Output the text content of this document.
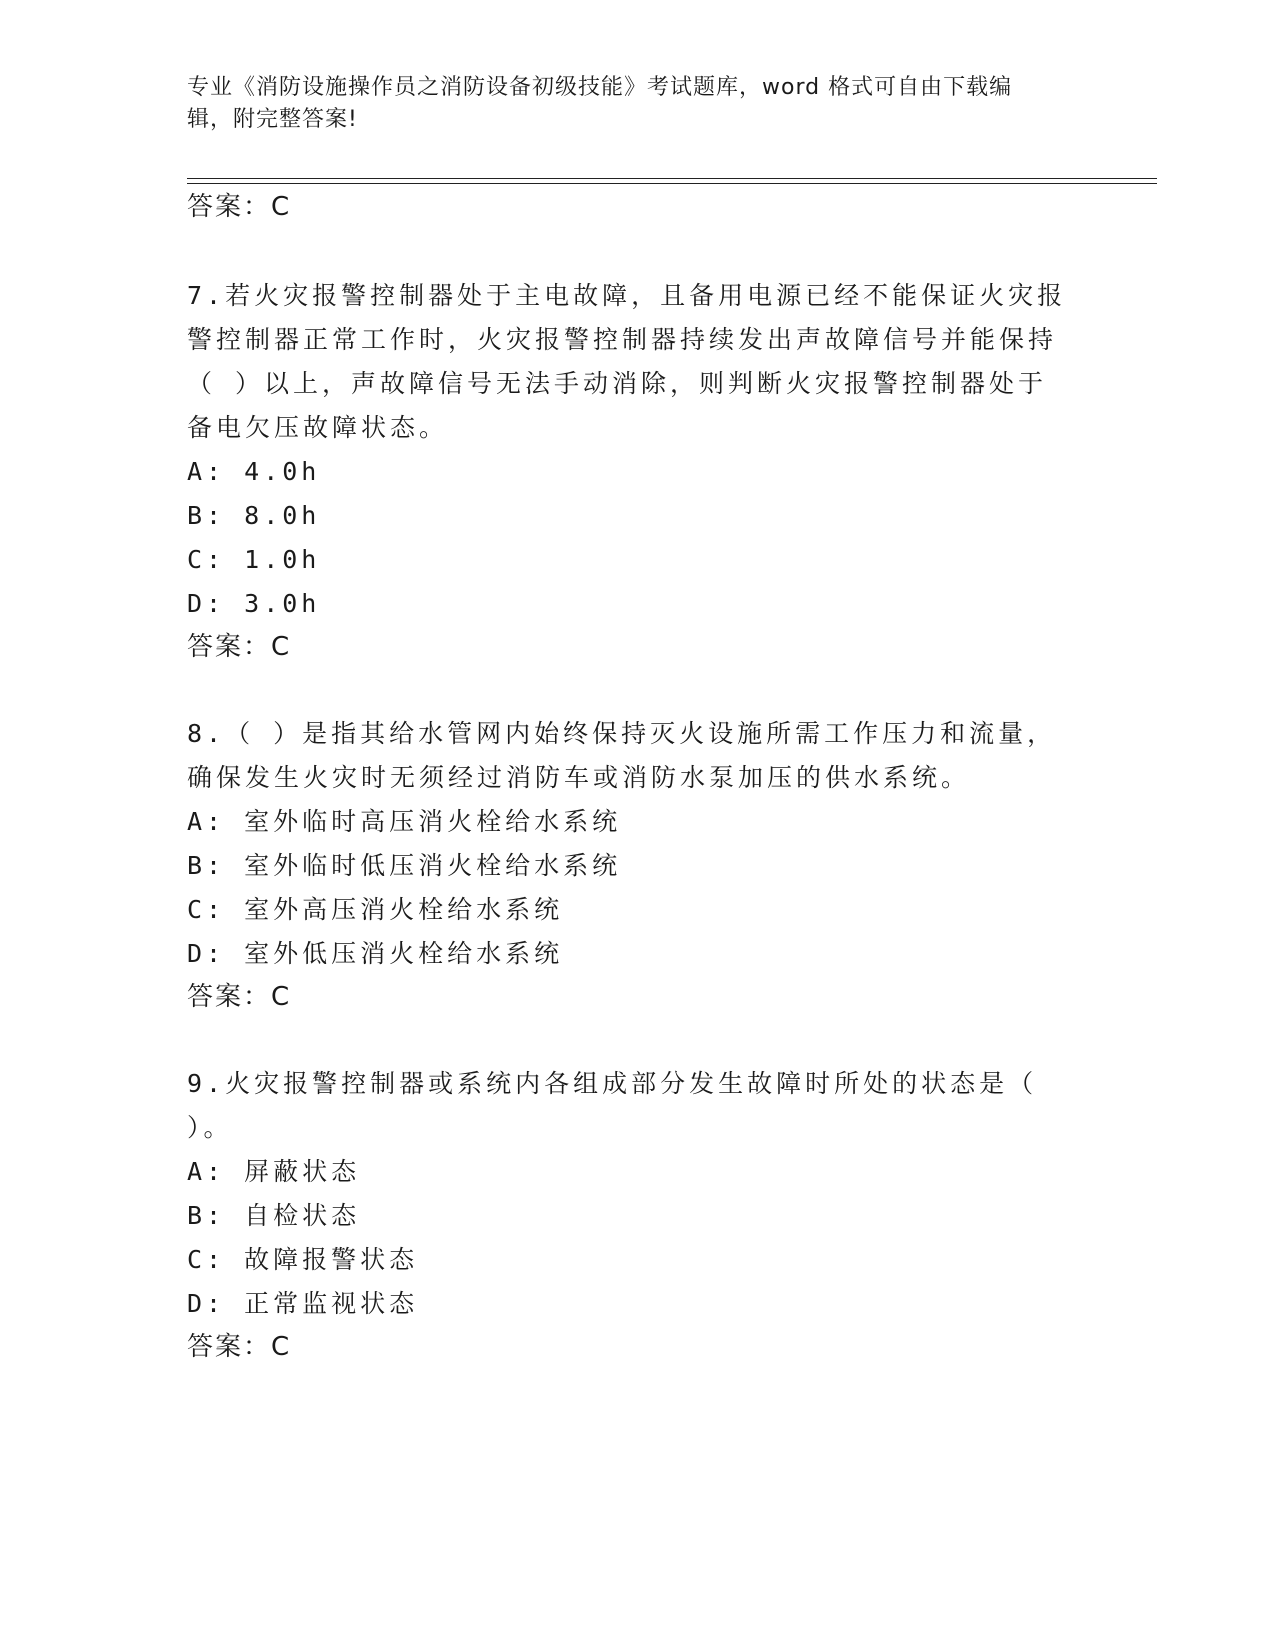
专业《消防设施操作员之消防设备初级技能》考试题库，word 格式可自由下载编
辑，附完整答案!
答案：C
7.若火灾报警控制器处于主电故障，且备用电源已经不能保证火灾报
警控制器正常工作时，火灾报警控制器持续发出声故障信号并能保持
（ ）以上，声故障信号无法手动消除，则判断火灾报警控制器处于
备电欠压故障状态。
A: 4.0h
B: 8.0h
C: 1.0h
D: 3.0h
答案：C
8.（ ）是指其给水管网内始终保持灭火设施所需工作压力和流量，
确保发生火灾时无须经过消防车或消防水泵加压的供水系统。
A: 室外临时高压消火栓给水系统
B: 室外临时低压消火栓给水系统
C: 室外高压消火栓给水系统
D: 室外低压消火栓给水系统
答案：C
9.火灾报警控制器或系统内各组成部分发生故障时所处的状态是（
）。
A: 屏蔽状态
B: 自检状态
C: 故障报警状态
D: 正常监视状态
答案：C
